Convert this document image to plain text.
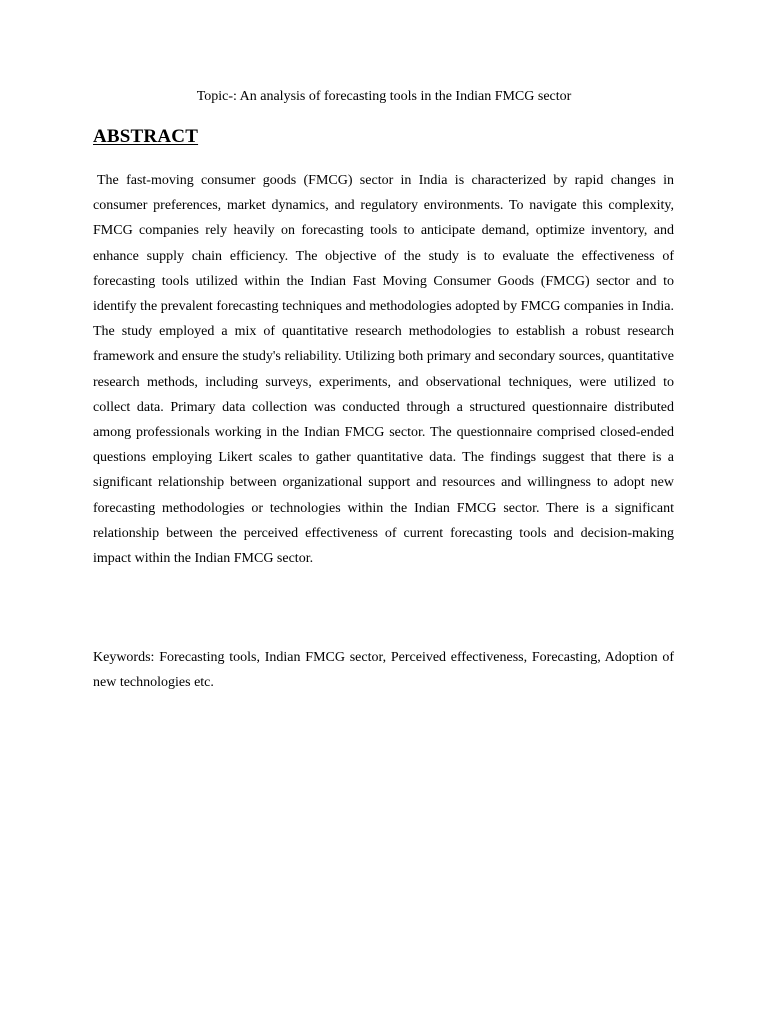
Topic-: An analysis of forecasting tools in the Indian FMCG sector
ABSTRACT

The fast-moving consumer goods (FMCG) sector in India is characterized by rapid changes in consumer preferences, market dynamics, and regulatory environments. To navigate this complexity, FMCG companies rely heavily on forecasting tools to anticipate demand, optimize inventory, and enhance supply chain efficiency. The objective of the study is to evaluate the effectiveness of forecasting tools utilized within the Indian Fast Moving Consumer Goods (FMCG) sector and to identify the prevalent forecasting techniques and methodologies adopted by FMCG companies in India. The study employed a mix of quantitative research methodologies to establish a robust research framework and ensure the study's reliability. Utilizing both primary and secondary sources, quantitative research methods, including surveys, experiments, and observational techniques, were utilized to collect data. Primary data collection was conducted through a structured questionnaire distributed among professionals working in the Indian FMCG sector. The questionnaire comprised closed-ended questions employing Likert scales to gather quantitative data. The findings suggest that there is a significant relationship between organizational support and resources and willingness to adopt new forecasting methodologies or technologies within the Indian FMCG sector. There is a significant relationship between the perceived effectiveness of current forecasting tools and decision-making impact within the Indian FMCG sector.

Keywords: Forecasting tools, Indian FMCG sector, Perceived effectiveness, Forecasting, Adoption of new technologies etc.
